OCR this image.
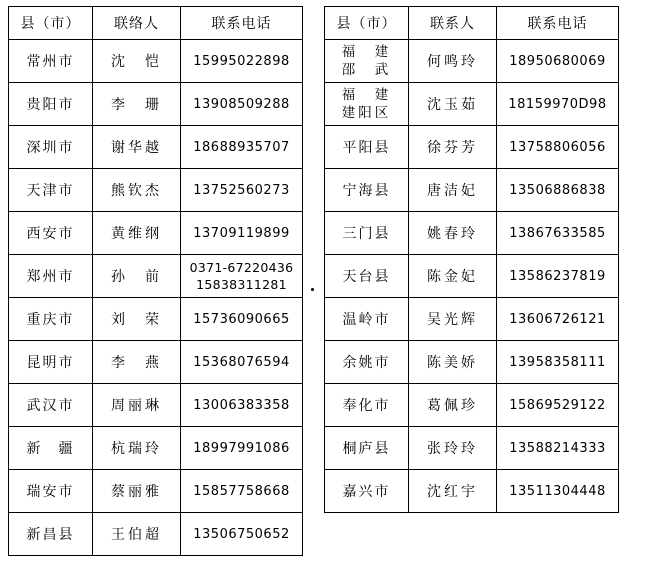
县（市）	联络人	联系电话
常州市	沈　恺	15995022898
贵阳市	李　珊	13908509288
深圳市	谢华越	18688935707
天津市	熊钦杰	13752560273
西安市	黄维纲	13709119899
郑州市	孙　前	0371-67220436
15838311281

重庆市	刘　荣	15736090665
昆明市	李　燕	15368076594
武汉市	周丽琳	13006383358
新　疆	杭瑞玲	18997991086
瑞安市	蔡丽雅	15857758668
新昌县	王伯超	13506750652
县（市）	联系人	联系电话

福　建
邵　武	何鸣玲	18950680069

福　建
建阳区	沈玉茹	18159970D98
平阳县	徐芬芳	13758806056
宁海县	唐洁妃	13506886838
三门县	姚春玲	13867633585
天台县	陈金妃	13586237819
温岭市	吴光辉	13606726121
余姚市	陈美娇	13958358111
奉化市	葛佩珍	15869529122
桐庐县	张玲玲	13588214333
嘉兴市	沈红宇	13511304448
